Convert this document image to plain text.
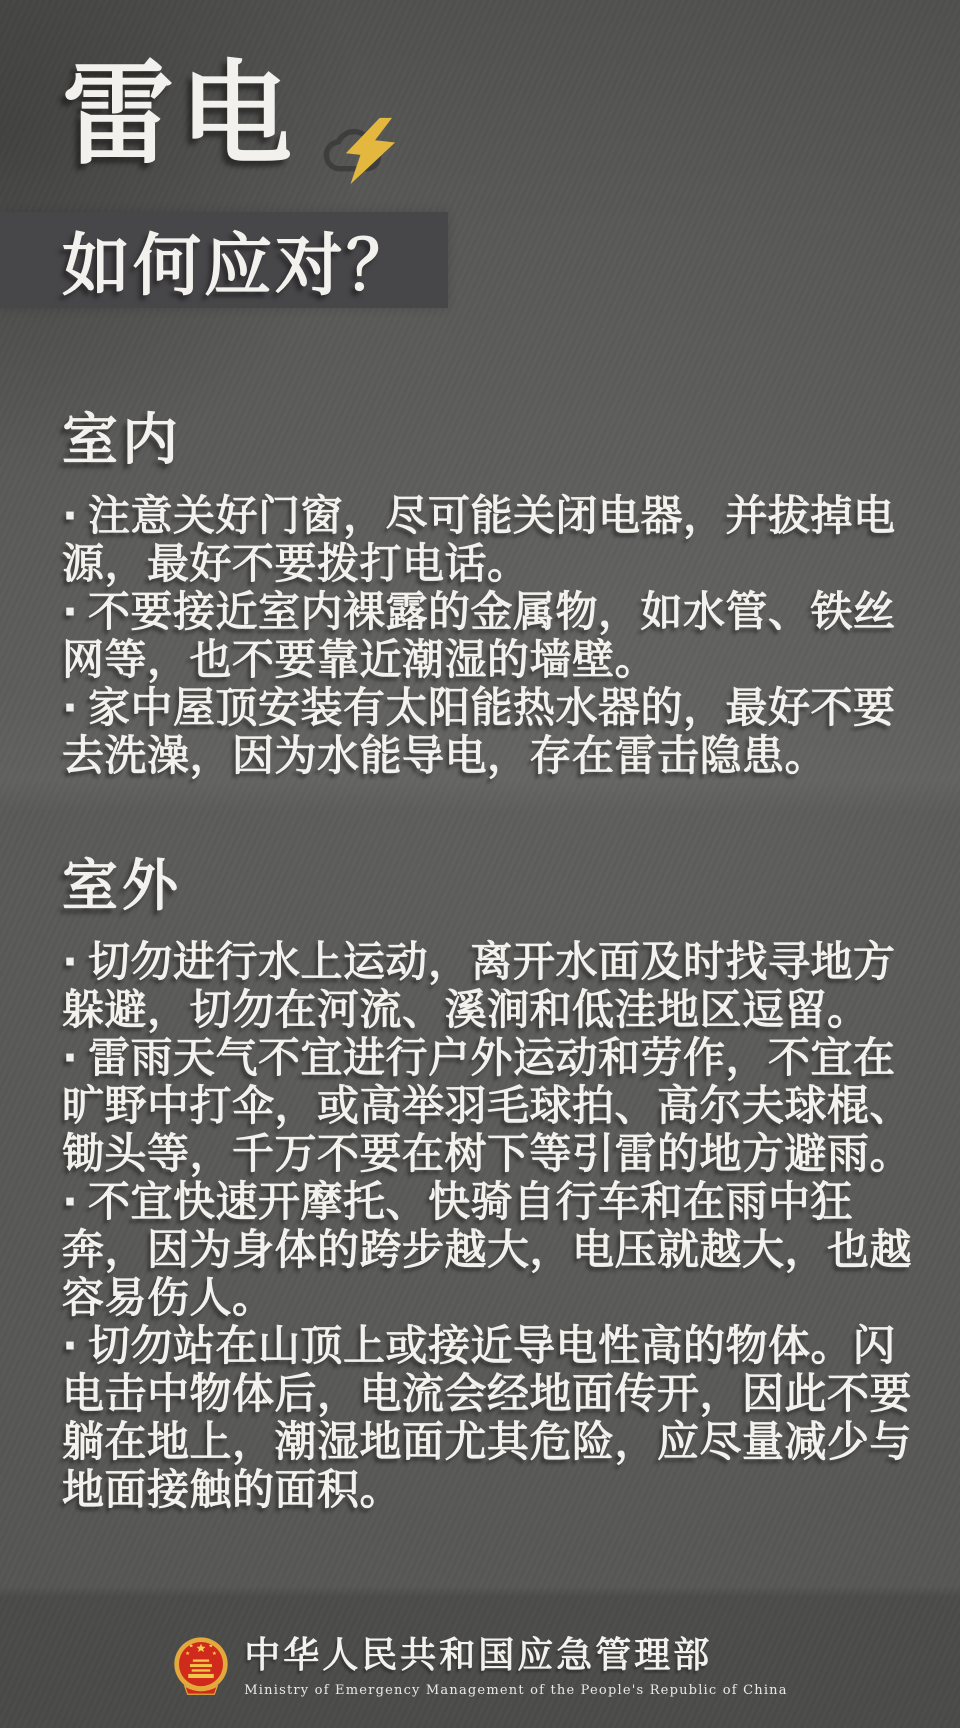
雷电
如何应对？
室内

· 注意关好门窗，尽可能关闭电器，并拔掉电源，最好不要拨打电话。

· 不要接近室内裸露的金属物，如水管、铁丝网等，也不要靠近潮湿的墙壁。

· 家中屋顶安装有太阳能热水器的，最好不要去洗澡，因为水能导电，存在雷击隐患。

室外

· 切勿进行水上运动，离开水面及时找寻地方躲避，切勿在河流、溪涧和低洼地区逗留。

· 雷雨天气不宜进行户外运动和劳作，不宜在旷野中打伞，或高举羽毛球拍、高尔夫球棍、锄头等，千万不要在树下等引雷的地方避雨。

· 不宜快速开摩托、快骑自行车和在雨中狂奔，因为身体的跨步越大，电压就越大，也越容易伤人。

· 切勿站在山顶上或接近导电性高的物体。闪电击中物体后，电流会经地面传开，因此不要躺在地上，潮湿地面尤其危险，应尽量减少与地面接触的面积。

中华人民共和国应急管理部
Ministry of Emergency Management of the People's Republic of China
